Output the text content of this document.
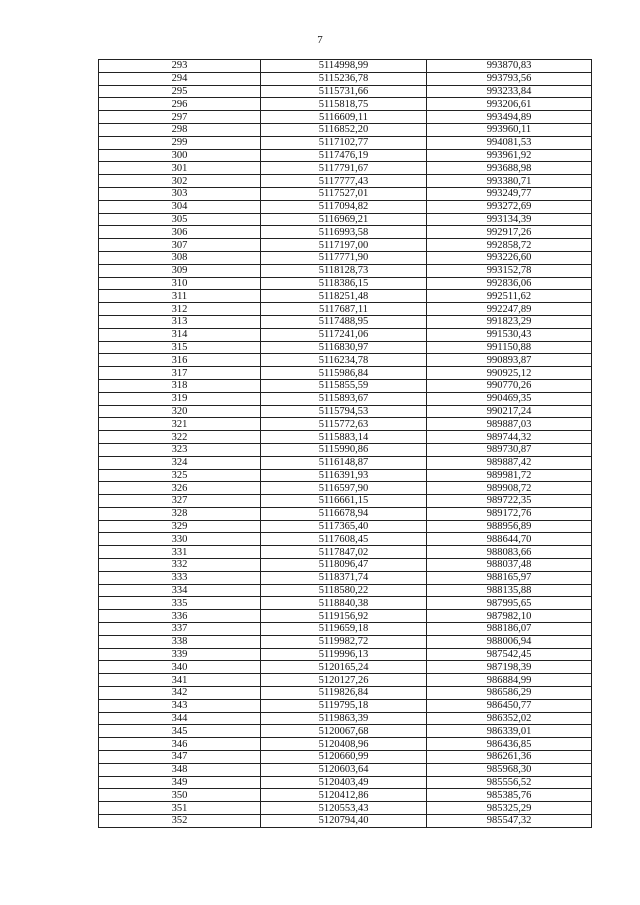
7
293	5114998,99	993870,83
294	5115236,78	993793,56
295	5115731,66	993233,84
296	5115818,75	993206,61
297	5116609,11	993494,89
298	5116852,20	993960,11
299	5117102,77	994081,53
300	5117476,19	993961,92
301	5117791,67	993688,98
302	5117777,43	993380,71
303	5117527,01	993249,77
304	5117094,82	993272,69
305	5116969,21	993134,39
306	5116993,58	992917,26
307	5117197,00	992858,72
308	5117771,90	993226,60
309	5118128,73	993152,78
310	5118386,15	992836,06
311	5118251,48	992511,62
312	5117687,11	992247,89
313	5117488,95	991823,29
314	5117241,06	991530,43
315	5116830,97	991150,88
316	5116234,78	990893,87
317	5115986,84	990925,12
318	5115855,59	990770,26
319	5115893,67	990469,35
320	5115794,53	990217,24
321	5115772,63	989887,03
322	5115883,14	989744,32
323	5115990,86	989730,87
324	5116148,87	989887,42
325	5116391,93	989981,72
326	5116597,90	989908,72
327	5116661,15	989722,35
328	5116678,94	989172,76
329	5117365,40	988956,89
330	5117608,45	988644,70
331	5117847,02	988083,66
332	5118096,47	988037,48
333	5118371,74	988165,97
334	5118580,22	988135,88
335	5118840,38	987995,65
336	5119156,92	987982,10
337	5119659,18	988186,07
338	5119982,72	988006,94
339	5119996,13	987542,45
340	5120165,24	987198,39
341	5120127,26	986884,99
342	5119826,84	986586,29
343	5119795,18	986450,77
344	5119863,39	986352,02
345	5120067,68	986339,01
346	5120408,96	986436,85
347	5120660,99	986261,36
348	5120603,64	985968,30
349	5120403,49	985556,52
350	5120412,86	985385,76
351	5120553,43	985325,29
352	5120794,40	985547,32
